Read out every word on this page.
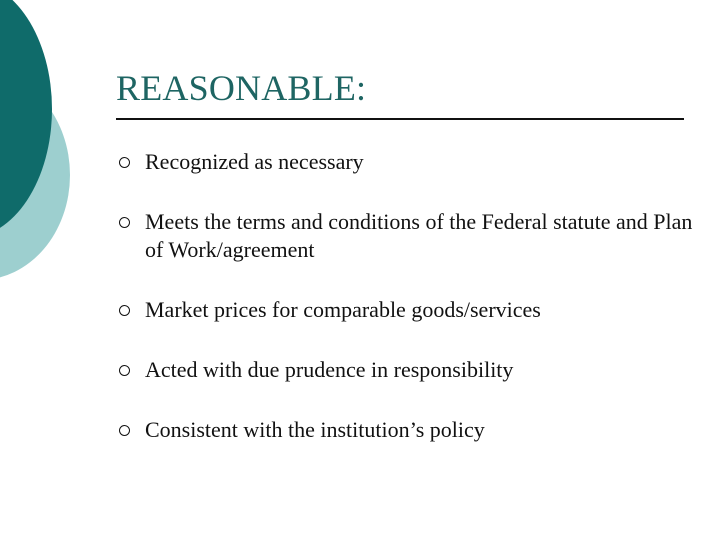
REASONABLE:
Recognized as necessary
Meets the terms and conditions of the Federal statute and Plan of Work/agreement
Market prices for comparable goods/services
Acted with due prudence in responsibility
Consistent with the institution’s policy
